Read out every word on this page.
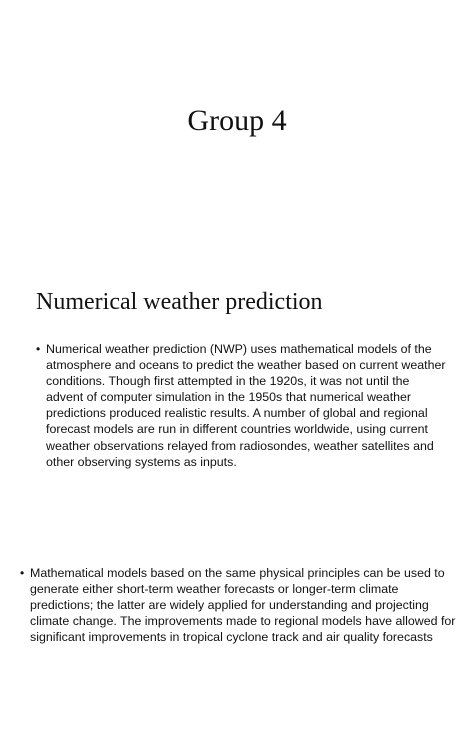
Group 4
Numerical weather prediction
• Numerical weather prediction (NWP) uses mathematical models of the atmosphere and oceans to predict the weather based on current weather conditions. Though first attempted in the 1920s, it was not until the advent of computer simulation in the 1950s that numerical weather predictions produced realistic results. A number of global and regional forecast models are run in different countries worldwide, using current weather observations relayed from radiosondes, weather satellites and other observing systems as inputs.
• Mathematical models based on the same physical principles can be used to generate either short-term weather forecasts or longer-term climate predictions; the latter are widely applied for understanding and projecting climate change. The improvements made to regional models have allowed for significant improvements in tropical cyclone track and air quality forecasts
